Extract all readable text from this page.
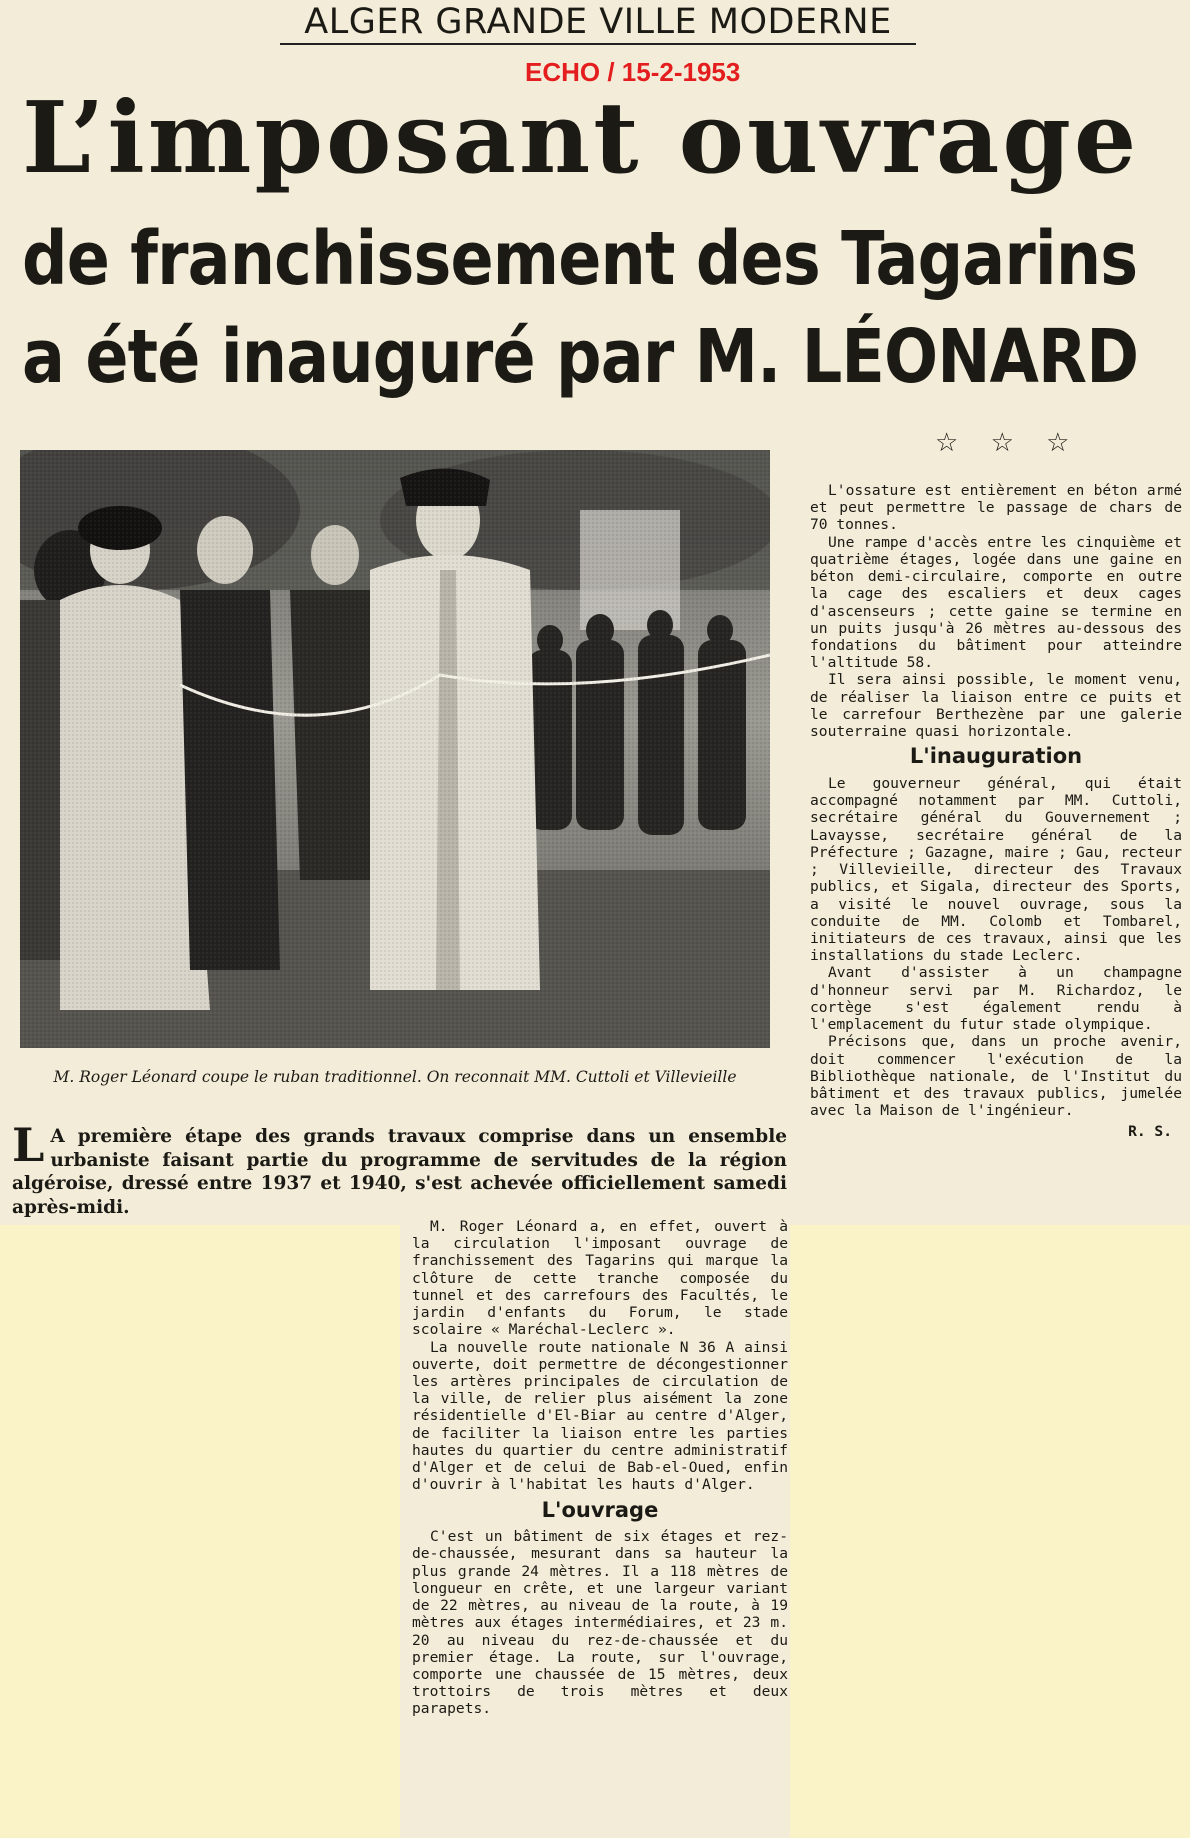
ALGER GRANDE VILLE MODERNE
ECHO / 15-2-1953
L’imposant ouvrage
de franchissement des Tagarins
a été inauguré par M. LÉONARD
☆ ☆ ☆
M. Roger Léonard coupe le ruban traditionnel. On reconnait MM. Cuttoli et Villevieille
L A première étape des grands travaux comprise dans un ensemble urbaniste faisant partie du programme de servitudes de la région algéroise, dressé entre 1937 et 1940, s'est achevée officiellement samedi après-midi.

M. Roger Léonard a, en effet, ouvert à la circulation l'imposant ouvrage de franchissement des Tagarins qui marque la clôture de cette tranche composée du tunnel et des carrefours des Facultés, le jardin d'enfants du Forum, le stade scolaire « Maréchal-Leclerc ».

La nouvelle route nationale N 36 A ainsi ouverte, doit permettre de décongestionner les artères principales de circulation de la ville, de relier plus aisément la zone résidentielle d'El-Biar au centre d'Alger, de faciliter la liaison entre les parties hautes du quartier du centre administratif d'Alger et de celui de Bab-el-Oued, enfin d'ouvrir à l'habitat les hauts d'Alger.

L'ouvrage

C'est un bâtiment de six étages et rez-de-chaussée, mesurant dans sa hauteur la plus grande 24 mètres. Il a 118 mètres de longueur en crête, et une largeur variant de 22 mètres, au niveau de la route, à 19 mètres aux étages intermédiaires, et 23 m. 20 au niveau du rez-de-chaussée et du premier étage. La route, sur l'ouvrage, comporte une chaussée de 15 mètres, deux trottoirs de trois mètres et deux parapets.

L'ossature est entièrement en béton armé et peut permettre le passage de chars de 70 tonnes.

Une rampe d'accès entre les cinquième et quatrième étages, logée dans une gaine en béton demi-circulaire, comporte en outre la cage des escaliers et deux cages d'ascenseurs ; cette gaine se termine en un puits jusqu'à 26 mètres au-dessous des fondations du bâtiment pour atteindre l'altitude 58.

Il sera ainsi possible, le moment venu, de réaliser la liaison entre ce puits et le carrefour Berthezène par une galerie souterraine quasi horizontale.

L'inauguration

Le gouverneur général, qui était accompagné notamment par MM. Cuttoli, secrétaire général du Gouvernement ; Lavaysse, secrétaire général de la Préfecture ; Gazagne, maire ; Gau, recteur ; Villevieille, directeur des Travaux publics, et Sigala, directeur des Sports, a visité le nouvel ouvrage, sous la conduite de MM. Colomb et Tombarel, initiateurs de ces travaux, ainsi que les installations du stade Leclerc.

Avant d'assister à un champagne d'honneur servi par M. Richardoz, le cortège s'est également rendu à l'emplacement du futur stade olympique.

Précisons que, dans un proche avenir, doit commencer l'exécution de la Bibliothèque nationale, de l'Institut du bâtiment et des travaux publics, jumelée avec la Maison de l'ingénieur.

R. S.
